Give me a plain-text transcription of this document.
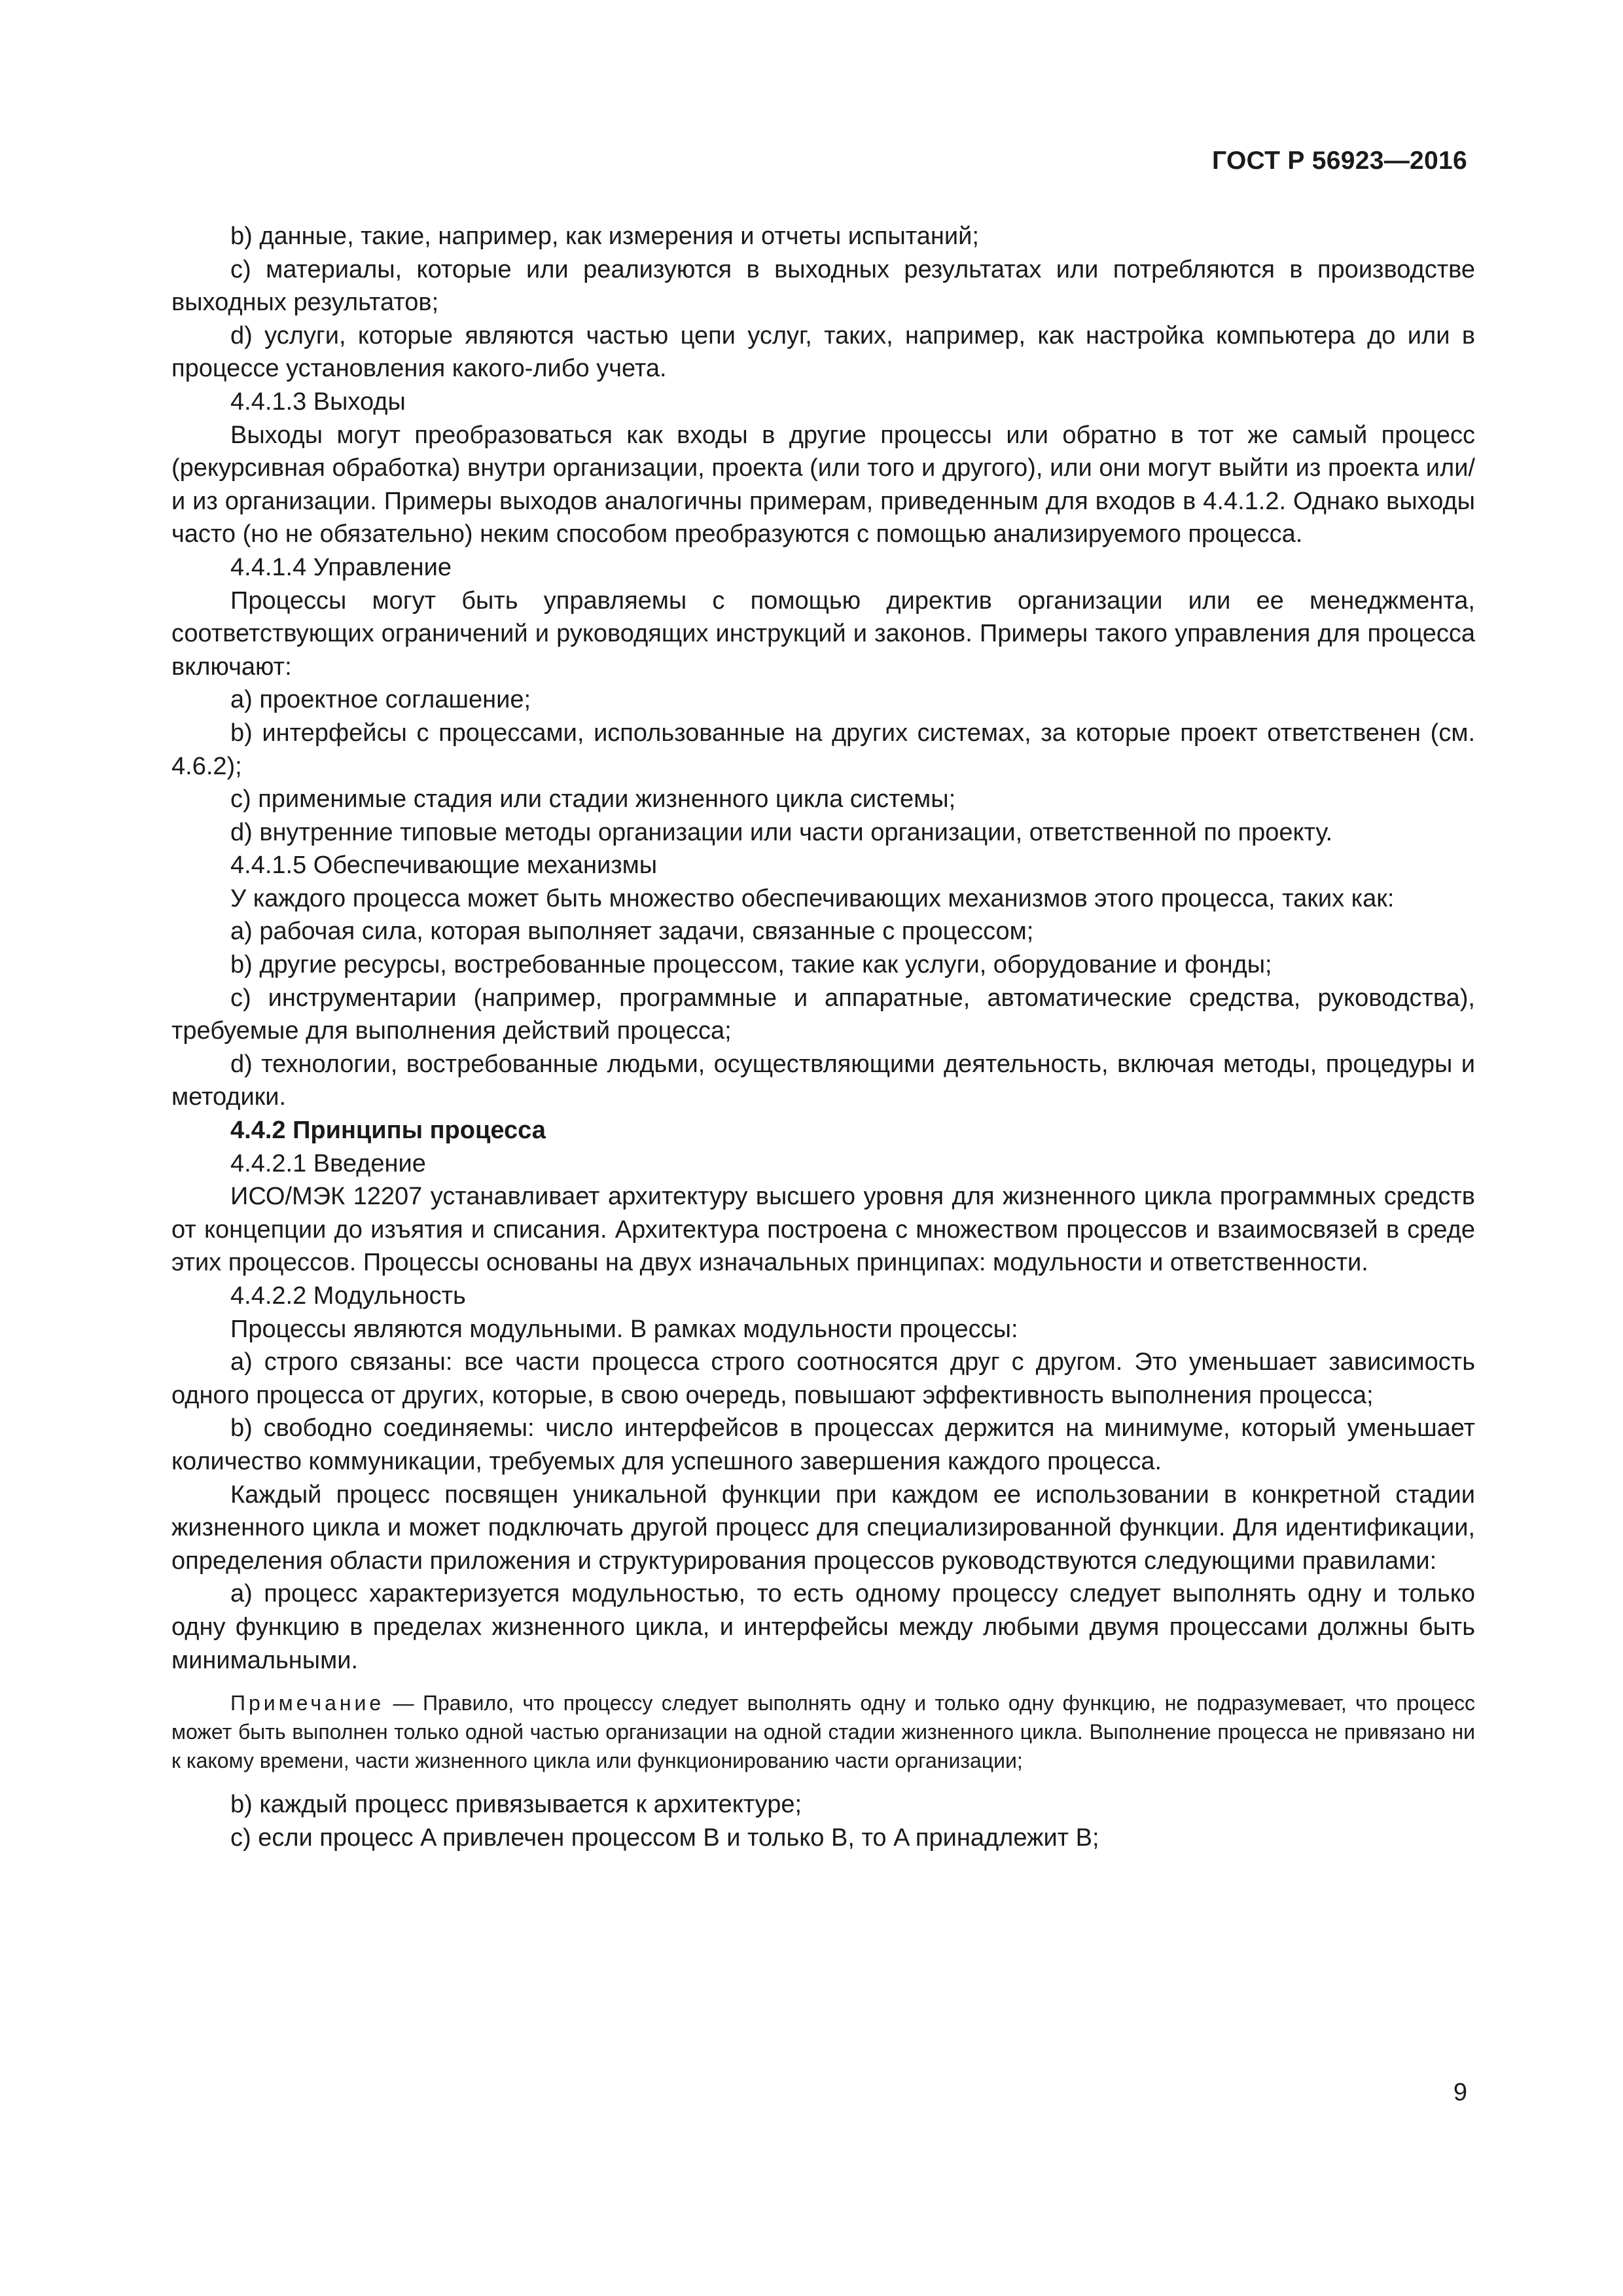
ГОСТ Р 56923—2016

b) данные, такие, например, как измерения и отчеты испытаний;

c) материалы, которые или реализуются в выходных результатах или потребляются в производстве выходных результатов;

d) услуги, которые являются частью цепи услуг, таких, например, как настройка компьютера до или в процессе установления какого-либо учета.

4.4.1.3 Выходы

Выходы могут преобразоваться как входы в другие процессы или обратно в тот же самый процесс (рекурсивная обработка) внутри организации, проекта (или того и другого), или они могут выйти из проекта или/и из организации. Примеры выходов аналогичны примерам, приведенным для входов в 4.4.1.2. Однако выходы часто (но не обязательно) неким способом преобразуются с помощью анализируемого процесса.

4.4.1.4 Управление

Процессы могут быть управляемы с помощью директив организации или ее менеджмента, соответствующих ограничений и руководящих инструкций и законов. Примеры такого управления для процесса включают:

a) проектное соглашение;

b) интерфейсы с процессами, использованные на других системах, за которые проект ответственен (см. 4.6.2);

c) применимые стадия или стадии жизненного цикла системы;

d) внутренние типовые методы организации или части организации, ответственной по проекту.

4.4.1.5 Обеспечивающие механизмы

У каждого процесса может быть множество обеспечивающих механизмов этого процесса, таких как:

a) рабочая сила, которая выполняет задачи, связанные с процессом;

b) другие ресурсы, востребованные процессом, такие как услуги, оборудование и фонды;

c) инструментарии (например, программные и аппаратные, автоматические средства, руководства), требуемые для выполнения действий процесса;

d) технологии, востребованные людьми, осуществляющими деятельность, включая методы, процедуры и методики.

4.4.2 Принципы процесса

4.4.2.1 Введение

ИСО/МЭК 12207 устанавливает архитектуру высшего уровня для жизненного цикла программных средств от концепции до изъятия и списания. Архитектура построена с множеством процессов и взаимосвязей в среде этих процессов. Процессы основаны на двух изначальных принципах: модульности и ответственности.

4.4.2.2 Модульность

Процессы являются модульными. В рамках модульности процессы:

a) строго связаны: все части процесса строго соотносятся друг с другом. Это уменьшает зависимость одного процесса от других, которые, в свою очередь, повышают эффективность выполнения процесса;

b) свободно соединяемы: число интерфейсов в процессах держится на минимуме, который уменьшает количество коммуникации, требуемых для успешного завершения каждого процесса.

Каждый процесс посвящен уникальной функции при каждом ее использовании в конкретной стадии жизненного цикла и может подключать другой процесс для специализированной функции. Для идентификации, определения области приложения и структурирования процессов руководствуются следующими правилами:

a) процесс характеризуется модульностью, то есть одному процессу следует выполнять одну и только одну функцию в пределах жизненного цикла, и интерфейсы между любыми двумя процессами должны быть минимальными.

Примечание — Правило, что процессу следует выполнять одну и только одну функцию, не подразумевает, что процесс может быть выполнен только одной частью организации на одной стадии жизненного цикла. Выполнение процесса не привязано ни к какому времени, части жизненного цикла или функционированию части организации;

b) каждый процесс привязывается к архитектуре;

c) если процесс A привлечен процессом B и только B, то A принадлежит B;

9
